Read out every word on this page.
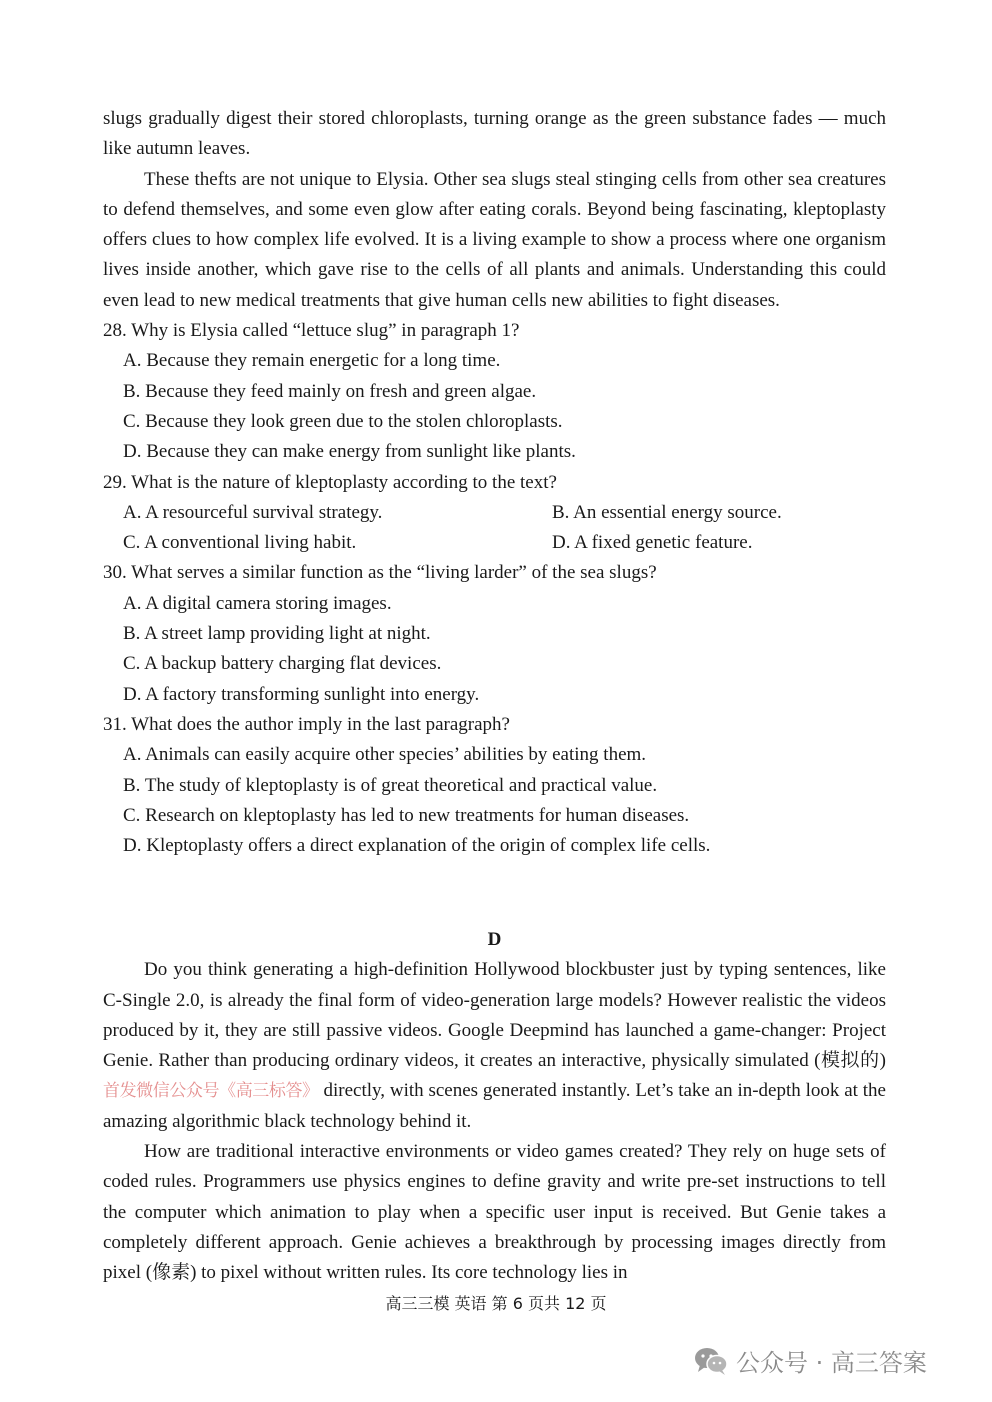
slugs gradually digest their stored chloroplasts, turning orange as the green substance fades — much like autumn leaves.

These thefts are not unique to Elysia. Other sea slugs steal stinging cells from other sea creatures to defend themselves, and some even glow after eating corals. Beyond being fascinating, kleptoplasty offers clues to how complex life evolved. It is a living example to show a process where one organism lives inside another, which gave rise to the cells of all plants and animals. Understanding this could even lead to new medical treatments that give human cells new abilities to fight diseases.

28. Why is Elysia called “lettuce slug” in paragraph 1?

A. Because they remain energetic for a long time.

B. Because they feed mainly on fresh and green algae.

C. Because they look green due to the stolen chloroplasts.

D. Because they can make energy from sunlight like plants.

29. What is the nature of kleptoplasty according to the text?

A. A resourceful survival strategy.	B. An essential energy source.
C. A conventional living habit.	D. A fixed genetic feature.

30. What serves a similar function as the “living larder” of the sea slugs?

A. A digital camera storing images.

B. A street lamp providing light at night.

C. A backup battery charging flat devices.

D. A factory transforming sunlight into energy.

31. What does the author imply in the last paragraph?

A. Animals can easily acquire other species’ abilities by eating them.

B. The study of kleptoplasty is of great theoretical and practical value.

C. Research on kleptoplasty has led to new treatments for human diseases.

D. Kleptoplasty offers a direct explanation of the origin of complex life cells.

D

Do you think generating a high-definition Hollywood blockbuster just by typing sentences, like C-Single 2.0, is already the final form of video-generation large models? However realistic the videos produced by it, they are still passive videos. Google Deepmind has launched a game-changer: Project Genie. Rather than producing ordinary videos, it creates an interactive, physically simulated (模拟的) 首发微信公众号《高三标答》 directly, with scenes generated instantly. Let’s take an in-depth look at the amazing algorithmic black technology behind it.

How are traditional interactive environments or video games created? They rely on huge sets of coded rules. Programmers use physics engines to define gravity and write pre-set instructions to tell the computer which animation to play when a specific user input is received. But Genie takes a completely different approach. Genie achieves a breakthrough by processing images directly from pixel (像素) to pixel without written rules. Its core technology lies in

高三三模 英语 第 6 页共 12 页
公众号 · 高三答案
